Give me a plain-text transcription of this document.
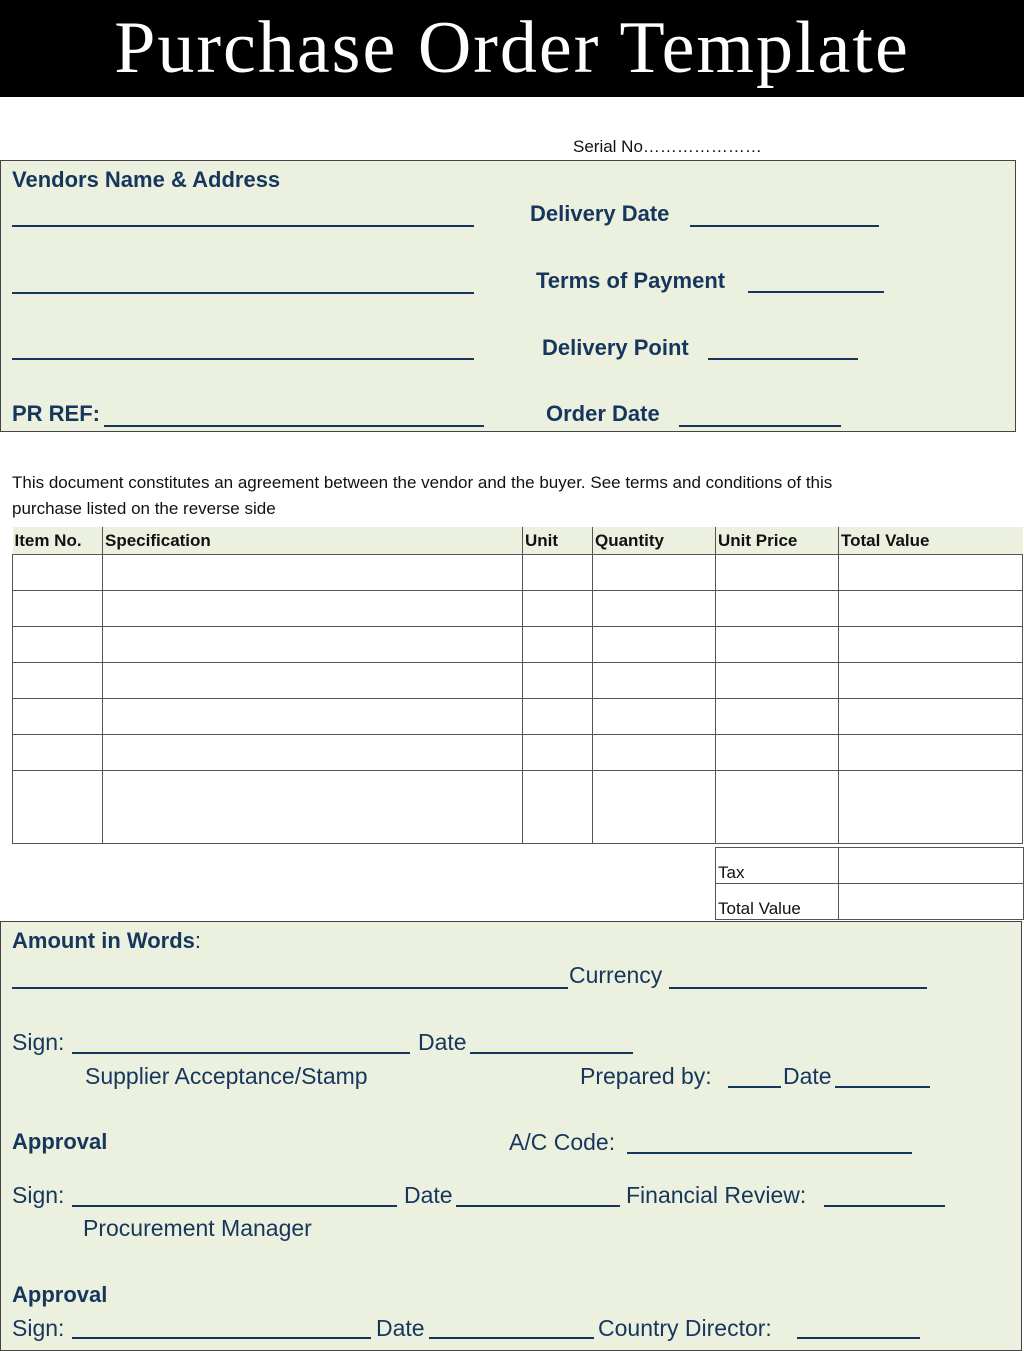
Purchase Order Template
Serial No…………………
Vendors Name & Address
PR REF:
Delivery Date
Terms of Payment
Delivery Point
Order Date
This document constitutes an agreement between the vendor and the buyer. See terms and conditions of this
purchase listed on the reverse side
Item No.	Specification	Unit	Quantity	Unit Price	Total Value

Tax	
Total Value	
Amount in Words:
Currency
Sign:	Date
Supplier Acceptance/Stamp	Prepared by:	Date
Approval	A/C Code:
Sign:	Date	Financial Review:
Procurement Manager
Approval
Sign:	Date	Country Director:
